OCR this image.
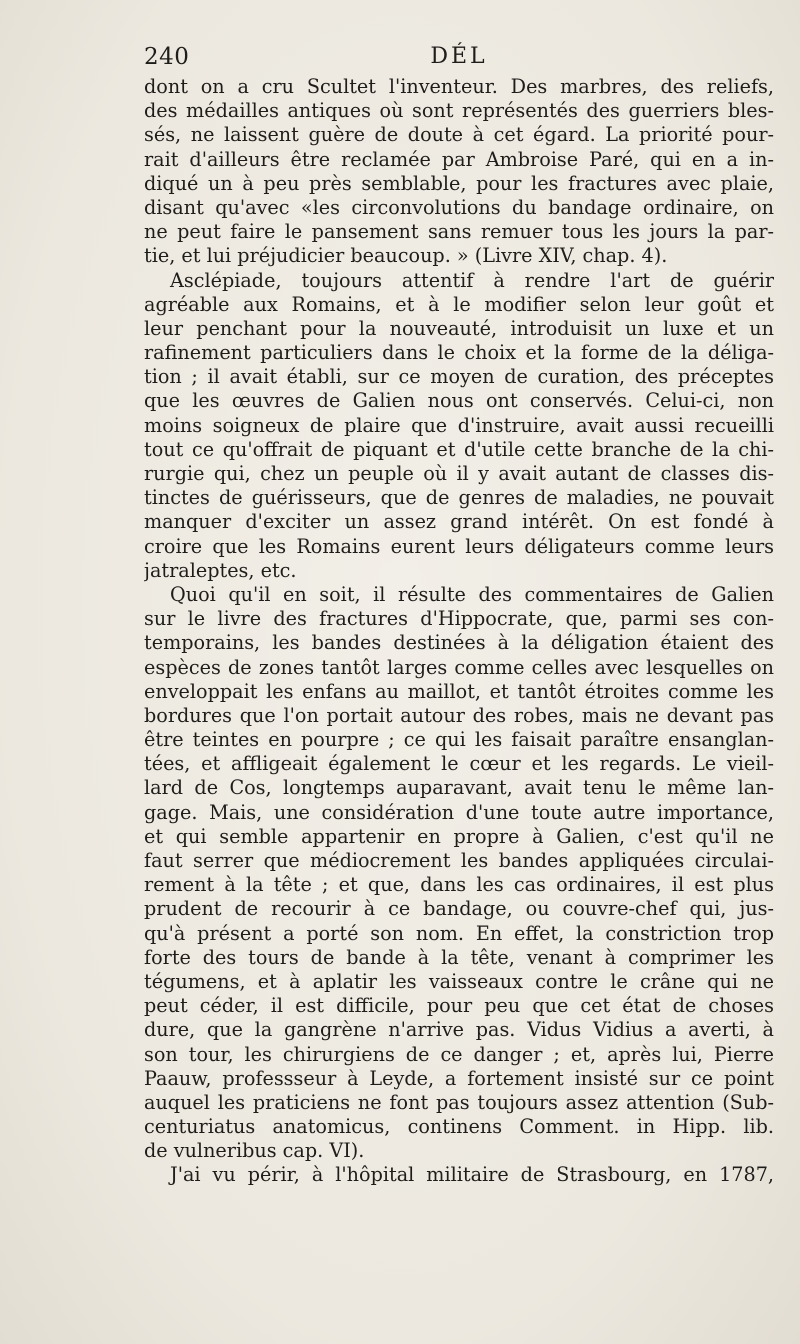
240	DÉL
dont on a cru Scultet l'inventeur. Des marbres, des reliefs,
des médailles antiques où sont représentés des guerriers bles-
sés, ne laissent guère de doute à cet égard. La priorité pour-
rait d'ailleurs être reclamée par Ambroise Paré, qui en a in-
diqué un à peu près semblable, pour les fractures avec plaie,
disant qu'avec «les circonvolutions du bandage ordinaire, on
ne peut faire le pansement sans remuer tous les jours la par-
tie, et lui préjudicier beaucoup. » (Livre XIV, chap. 4).
Asclépiade, toujours attentif à rendre l'art de guérir
agréable aux Romains, et à le modifier selon leur goût et
leur penchant pour la nouveauté, introduisit un luxe et un
rafinement particuliers dans le choix et la forme de la déliga-
tion ; il avait établi, sur ce moyen de curation, des préceptes
que les œuvres de Galien nous ont conservés. Celui-ci, non
moins soigneux de plaire que d'instruire, avait aussi recueilli
tout ce qu'offrait de piquant et d'utile cette branche de la chi-
rurgie qui, chez un peuple où il y avait autant de classes dis-
tinctes de guérisseurs, que de genres de maladies, ne pouvait
manquer d'exciter un assez grand intérêt. On est fondé à
croire que les Romains eurent leurs déligateurs comme leurs
jatraleptes, etc.
Quoi qu'il en soit, il résulte des commentaires de Galien
sur le livre des fractures d'Hippocrate, que, parmi ses con-
temporains, les bandes destinées à la déligation étaient des
espèces de zones tantôt larges comme celles avec lesquelles on
enveloppait les enfans au maillot, et tantôt étroites comme les
bordures que l'on portait autour des robes, mais ne devant pas
être teintes en pourpre ; ce qui les faisait paraître ensanglan-
tées, et affligeait également le cœur et les regards. Le vieil-
lard de Cos, longtemps auparavant, avait tenu le même lan-
gage. Mais, une considération d'une toute autre importance,
et qui semble appartenir en propre à Galien, c'est qu'il ne
faut serrer que médiocrement les bandes appliquées circulai-
rement à la tête ; et que, dans les cas ordinaires, il est plus
prudent de recourir à ce bandage, ou couvre-chef qui, jus-
qu'à présent a porté son nom. En effet, la constriction trop
forte des tours de bande à la tête, venant à comprimer les
tégumens, et à aplatir les vaisseaux contre le crâne qui ne
peut céder, il est difficile, pour peu que cet état de choses
dure, que la gangrène n'arrive pas. Vidus Vidius a averti, à
son tour, les chirurgiens de ce danger ; et, après lui, Pierre
Paauw, professseur à Leyde, a fortement insisté sur ce point
auquel les praticiens ne font pas toujours assez attention (Sub-
centuriatus anatomicus, continens Comment. in Hipp. lib.
de vulneribus cap. VI).
J'ai vu périr, à l'hôpital militaire de Strasbourg, en 1787,
